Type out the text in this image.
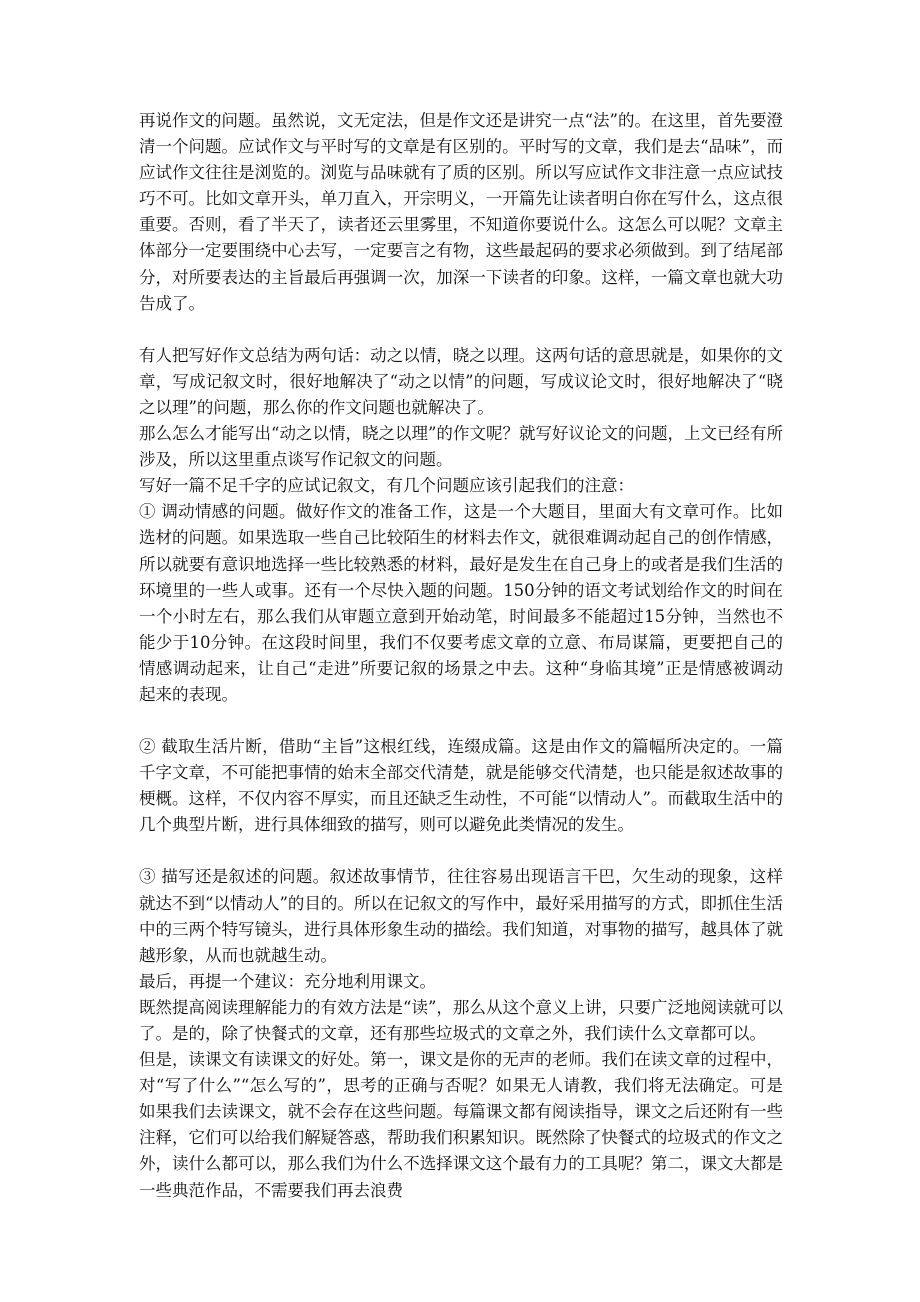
再说作文的问题。虽然说，文无定法，但是作文还是讲究一点“法”的。在这里，首先要澄清一个问题。应试作文与平时写的文章是有区别的。平时写的文章，我们是去“品味”，而应试作文往往是浏览的。浏览与品味就有了质的区别。所以写应试作文非注意一点应试技巧不可。比如文章开头，单刀直入，开宗明义，一开篇先让读者明白你在写什么，这点很重要。否则，看了半天了，读者还云里雾里，不知道你要说什么。这怎么可以呢？文章主体部分一定要围绕中心去写，一定要言之有物，这些最起码的要求必须做到。到了结尾部分，对所要表达的主旨最后再强调一次，加深一下读者的印象。这样，一篇文章也就大功告成了。

有人把写好作文总结为两句话：动之以情，晓之以理。这两句话的意思就是，如果你的文章，写成记叙文时，很好地解决了“动之以情”的问题，写成议论文时，很好地解决了“晓之以理”的问题，那么你的作文问题也就解决了。

那么怎么才能写出“动之以情，晓之以理”的作文呢？就写好议论文的问题，上文已经有所涉及，所以这里重点谈写作记叙文的问题。

写好一篇不足千字的应试记叙文，有几个问题应该引起我们的注意：

① 调动情感的问题。做好作文的准备工作，这是一个大题目，里面大有文章可作。比如选材的问题。如果选取一些自己比较陌生的材料去作文，就很难调动起自己的创作情感，所以就要有意识地选择一些比较熟悉的材料，最好是发生在自己身上的或者是我们生活的环境里的一些人或事。还有一个尽快入题的问题。150分钟的语文考试划给作文的时间在一个小时左右，那么我们从审题立意到开始动笔，时间最多不能超过15分钟，当然也不能少于10分钟。在这段时间里，我们不仅要考虑文章的立意、布局谋篇，更要把自己的情感调动起来，让自己“走进”所要记叙的场景之中去。这种“身临其境”正是情感被调动起来的表现。

② 截取生活片断，借助“主旨”这根红线，连缀成篇。这是由作文的篇幅所决定的。一篇千字文章，不可能把事情的始末全部交代清楚，就是能够交代清楚，也只能是叙述故事的梗概。这样，不仅内容不厚实，而且还缺乏生动性，不可能“以情动人”。而截取生活中的几个典型片断，进行具体细致的描写，则可以避免此类情况的发生。

③ 描写还是叙述的问题。叙述故事情节，往往容易出现语言干巴，欠生动的现象，这样就达不到“以情动人”的目的。所以在记叙文的写作中，最好采用描写的方式，即抓住生活中的三两个特写镜头，进行具体形象生动的描绘。我们知道，对事物的描写，越具体了就越形象，从而也就越生动。

最后，再提一个建议：充分地利用课文。

既然提高阅读理解能力的有效方法是“读”，那么从这个意义上讲，只要广泛地阅读就可以了。是的，除了快餐式的文章，还有那些垃圾式的文章之外，我们读什么文章都可以。

但是，读课文有读课文的好处。第一，课文是你的无声的老师。我们在读文章的过程中，对“写了什么”“怎么写的”，思考的正确与否呢？如果无人请教，我们将无法确定。可是如果我们去读课文，就不会存在这些问题。每篇课文都有阅读指导，课文之后还附有一些注释，它们可以给我们解疑答惑，帮助我们积累知识。既然除了快餐式的垃圾式的作文之外，读什么都可以，那么我们为什么不选择课文这个最有力的工具呢？第二，课文大都是一些典范作品，不需要我们再去浪费
